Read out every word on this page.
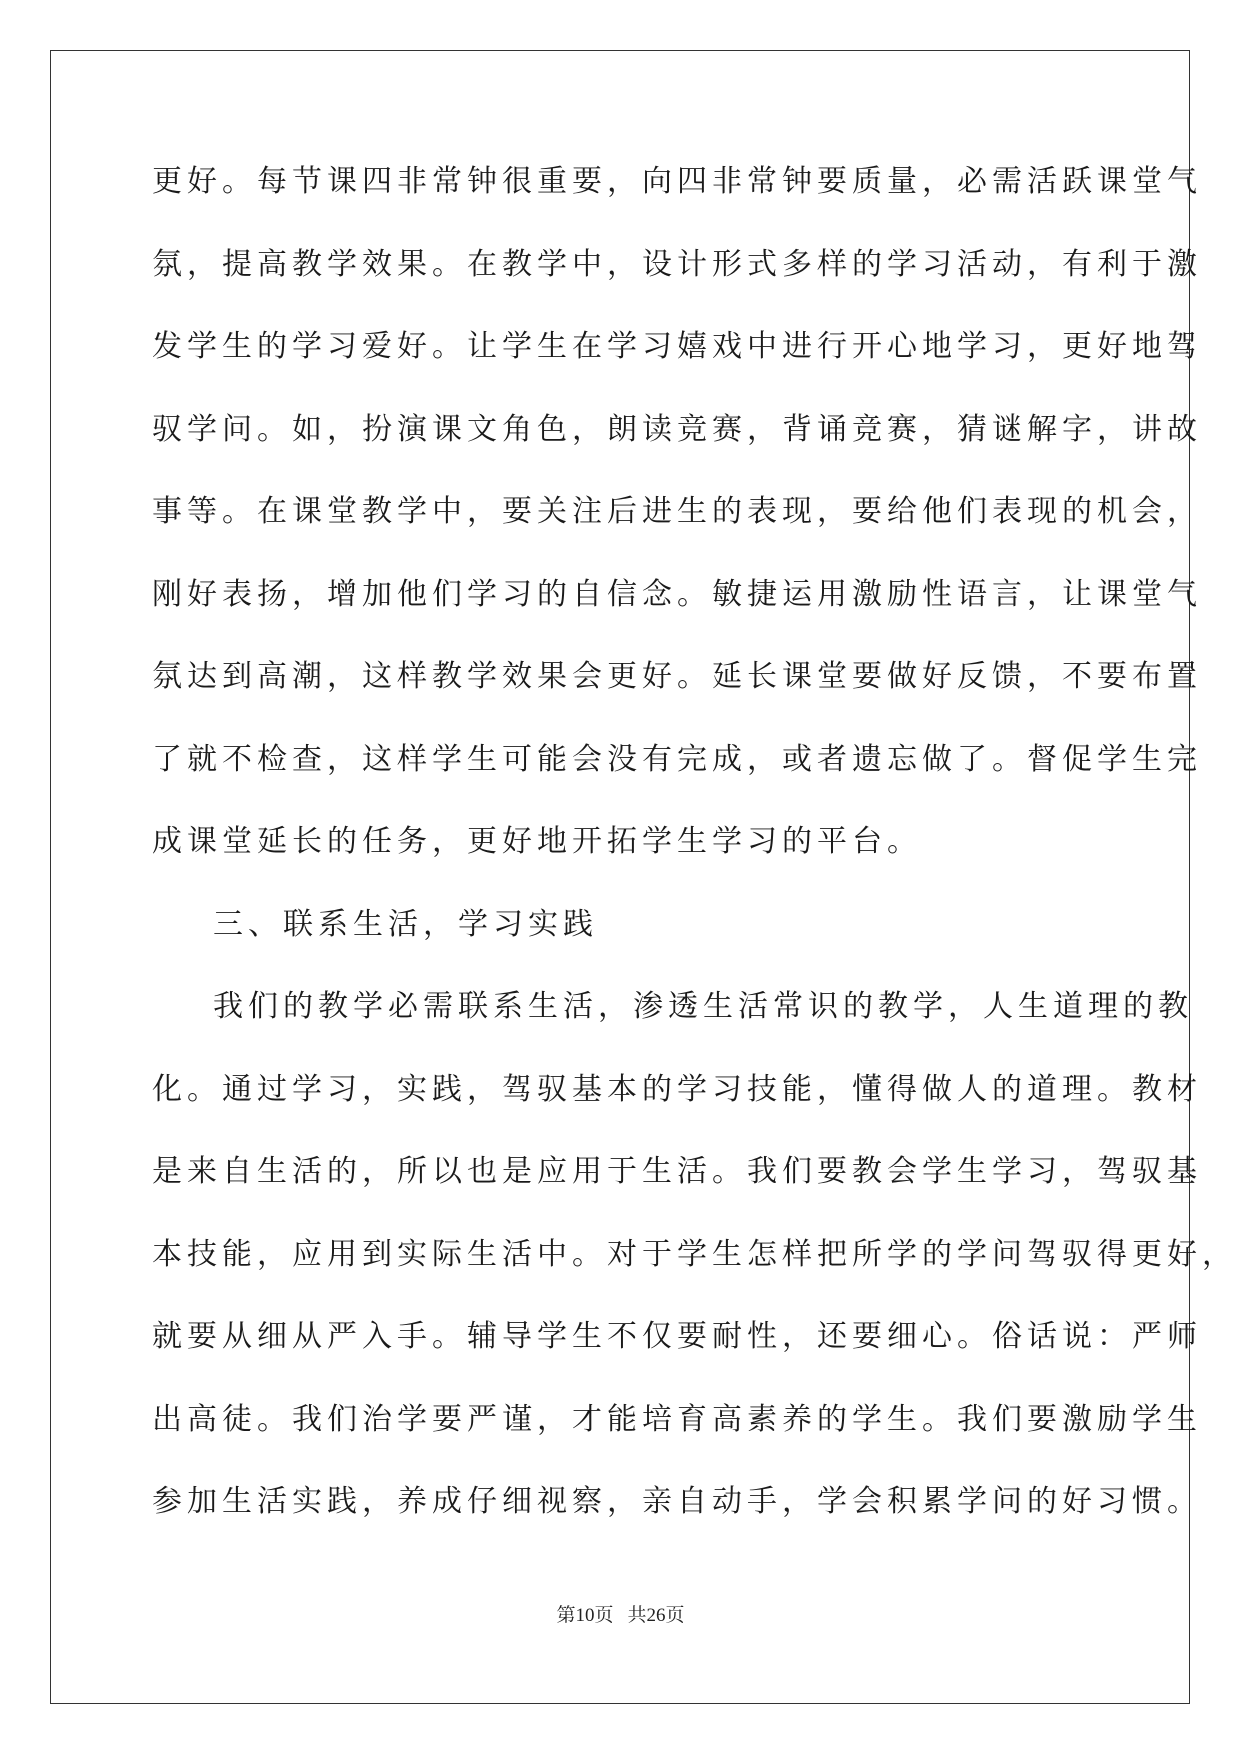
更好。每节课四非常钟很重要，向四非常钟要质量，必需活跃课堂气
氛，提高教学效果。在教学中，设计形式多样的学习活动，有利于激
发学生的学习爱好。让学生在学习嬉戏中进行开心地学习，更好地驾
驭学问。如，扮演课文角色，朗读竞赛，背诵竞赛，猜谜解字，讲故
事等。在课堂教学中，要关注后进生的表现，要给他们表现的机会，
刚好表扬，增加他们学习的自信念。敏捷运用激励性语言，让课堂气
氛达到高潮，这样教学效果会更好。延长课堂要做好反馈，不要布置
了就不检查，这样学生可能会没有完成，或者遗忘做了。督促学生完
成课堂延长的任务，更好地开拓学生学习的平台。
三、联系生活，学习实践
我们的教学必需联系生活，渗透生活常识的教学，人生道理的教
化。通过学习，实践，驾驭基本的学习技能，懂得做人的道理。教材
是来自生活的，所以也是应用于生活。我们要教会学生学习，驾驭基
本技能，应用到实际生活中。对于学生怎样把所学的学问驾驭得更好，
就要从细从严入手。辅导学生不仅要耐性，还要细心。俗话说：严师
出高徒。我们治学要严谨，才能培育高素养的学生。我们要激励学生
参加生活实践，养成仔细视察，亲自动手，学会积累学问的好习惯。
第10页 共26页
